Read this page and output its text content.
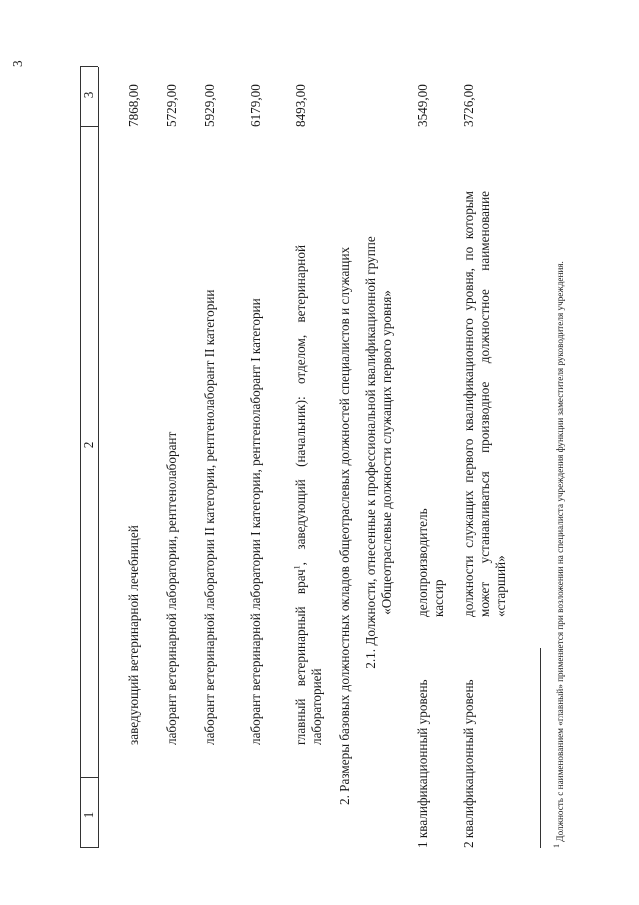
3
1
2
3
заведующий ветеринарной лечебницей
7868,00
лаборант ветеринарной лаборатории, рентгенолаборант
5729,00
лаборант ветеринарной лаборатории II категории, рентгенолаборант II категории
5929,00
лаборант ветеринарной лаборатории I категории, рентгенолаборант I категории
6179,00
главный ветеринарный врач$^1$, заведующий (начальник): отделом, ветеринарной лабораторией
8493,00
2. Размеры базовых должностных окладов общеотраслевых должностей специалистов и служащих 2.1. Должности, отнесенные к профессиональной квалификационной группе «Общеотраслевые должности служащих первого уровня»
1 квалификационный уровень
делопроизводитель кассир
3549,00
2 квалификационный уровень
должности служащих первого квалификационного уровня, по которым может устанавливаться производное должностное наименование «старший»
3726,00
$^1$ Должность с наименованием «главный» применяется при возложении на специалиста учреждения функции заместителя руководителя учреждения.
